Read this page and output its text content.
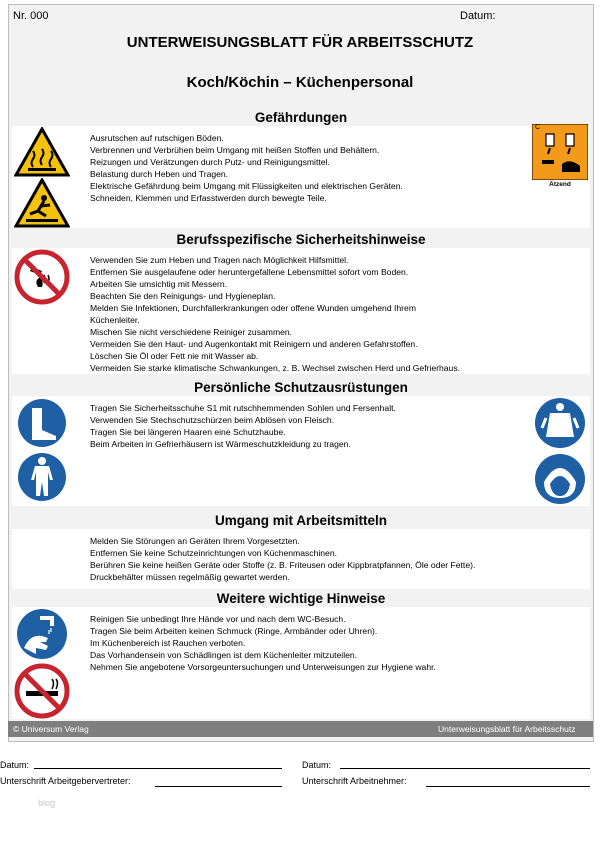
Nr. 000	Datum:
UNTERWEISUNGSBLATT FÜR ARBEITSSCHUTZ
Koch/Köchin – Küchenpersonal
Gefährdungen
Ausrutschen auf rutschigen Böden.
Verbrennen und Verbrühen beim Umgang mit heißen Stoffen und Behältern.
Reizungen und Verätzungen durch Putz- und Reinigungsmittel.
Belastung durch Heben und Tragen.
Elektrische Gefährdung beim Umgang mit Flüssigkeiten und elektrischen Geräten.
Schneiden, Klemmen und Erfasstwerden durch bewegte Teile.
C
Ätzend
Berufsspezifische Sicherheitshinweise
Verwenden Sie zum Heben und Tragen nach Möglichkeit Hilfsmittel.
Entfernen Sie ausgelaufene oder heruntergefallene Lebensmittel sofort vom Boden.
Arbeiten Sie umsichtig mit Messern.
Beachten Sie den Reinigungs- und Hygieneplan.
Melden Sie Infektionen, Durchfallerkrankungen oder offene Wunden umgehend Ihrem
Küchenleiter.
Mischen Sie nicht verschiedene Reiniger zusammen.
Vermeiden Sie den Haut- und Augenkontakt mit Reinigern und anderen Gefahrstoffen.
Löschen Sie Öl oder Fett nie mit Wasser ab.
Vermeiden Sie starke klimatische Schwankungen, z. B. Wechsel zwischen Herd und Gefrierhaus.
Persönliche Schutzausrüstungen
Tragen Sie Sicherheitsschuhe S1 mit rutschhemmenden Sohlen und Fersenhalt.
Verwenden Sie Stechschutzschürzen beim Ablösen von Fleisch.
Tragen Sie bei längeren Haaren eine Schutzhaube.
Beim Arbeiten in Gefrierhäusern ist Wärmeschutzkleidung zu tragen.
Umgang mit Arbeitsmitteln
Melden Sie Störungen an Geräten Ihrem Vorgesetzten.
Entfernen Sie keine Schutzeinrichtungen von Küchenmaschinen.
Berühren Sie keine heißen Geräte oder Stoffe (z. B. Friteusen oder Kippbratpfannen, Öle oder Fette).
Druckbehälter müssen regelmäßig gewartet werden.
Weitere wichtige Hinweise
Reinigen Sie unbedingt Ihre Hände vor und nach dem WC-Besuch.
Tragen Sie beim Arbeiten keinen Schmuck (Ringe, Armbänder oder Uhren).
Im Küchenbereich ist Rauchen verboten.
Das Vorhandensein von Schädlingen ist dem Küchenleiter mitzuteilen.
Nehmen Sie angebotene Vorsorgeuntersuchungen und Unterweisungen zur Hygiene wahr.
© Universum Verlag	Unterweisungsblatt für Arbeitsschutz
Datum:	Datum:
Unterschrift Arbeitgebervertreter:	Unterschrift Arbeitnehmer:
blog
